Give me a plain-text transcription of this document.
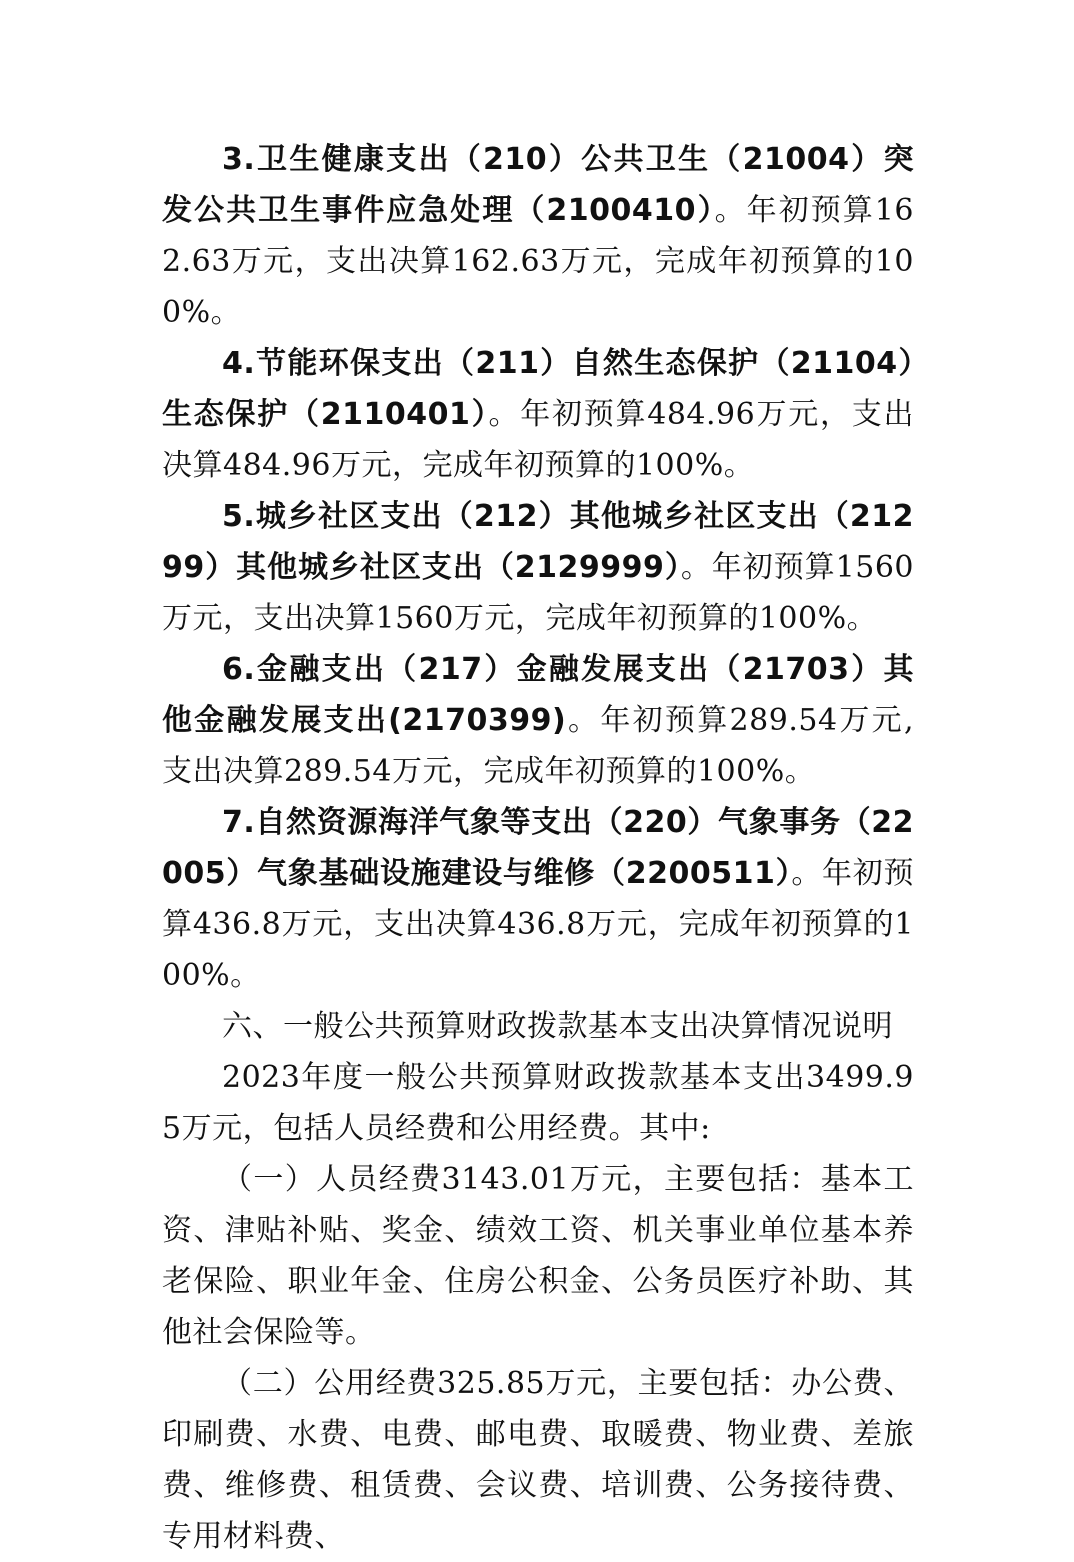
3.卫生健康支出（210）公共卫生（21004）突发公共卫生事件应急处理（2100410）。年初预算162.63万元，支出决算162.63万元，完成年初预算的100%。

4.节能环保支出（211）自然生态保护（21104）生态保护（2110401）。年初预算484.96万元，支出决算484.96万元，完成年初预算的100%。

5.城乡社区支出（212）其他城乡社区支出（21299）其他城乡社区支出（2129999）。年初预算1560万元，支出决算1560万元，完成年初预算的100%。

6.金融支出（217）金融发展支出（21703）其他金融发展支出(2170399)。年初预算289.54万元,支出决算289.54万元，完成年初预算的100%。

7.自然资源海洋气象等支出（220）气象事务（22005）气象基础设施建设与维修（2200511）。年初预算436.8万元，支出决算436.8万元，完成年初预算的100%。

六、一般公共预算财政拨款基本支出决算情况说明

2023年度一般公共预算财政拨款基本支出3499.95万元，包括人员经费和公用经费。其中:

（一）人员经费3143.01万元，主要包括：基本工资、津贴补贴、奖金、绩效工资、机关事业单位基本养老保险、职业年金、住房公积金、公务员医疗补助、其他社会保险等。

（二）公用经费325.85万元，主要包括：办公费、印刷费、水费、电费、邮电费、取暖费、物业费、差旅费、维修费、租赁费、会议费、培训费、公务接待费、专用材料费、
